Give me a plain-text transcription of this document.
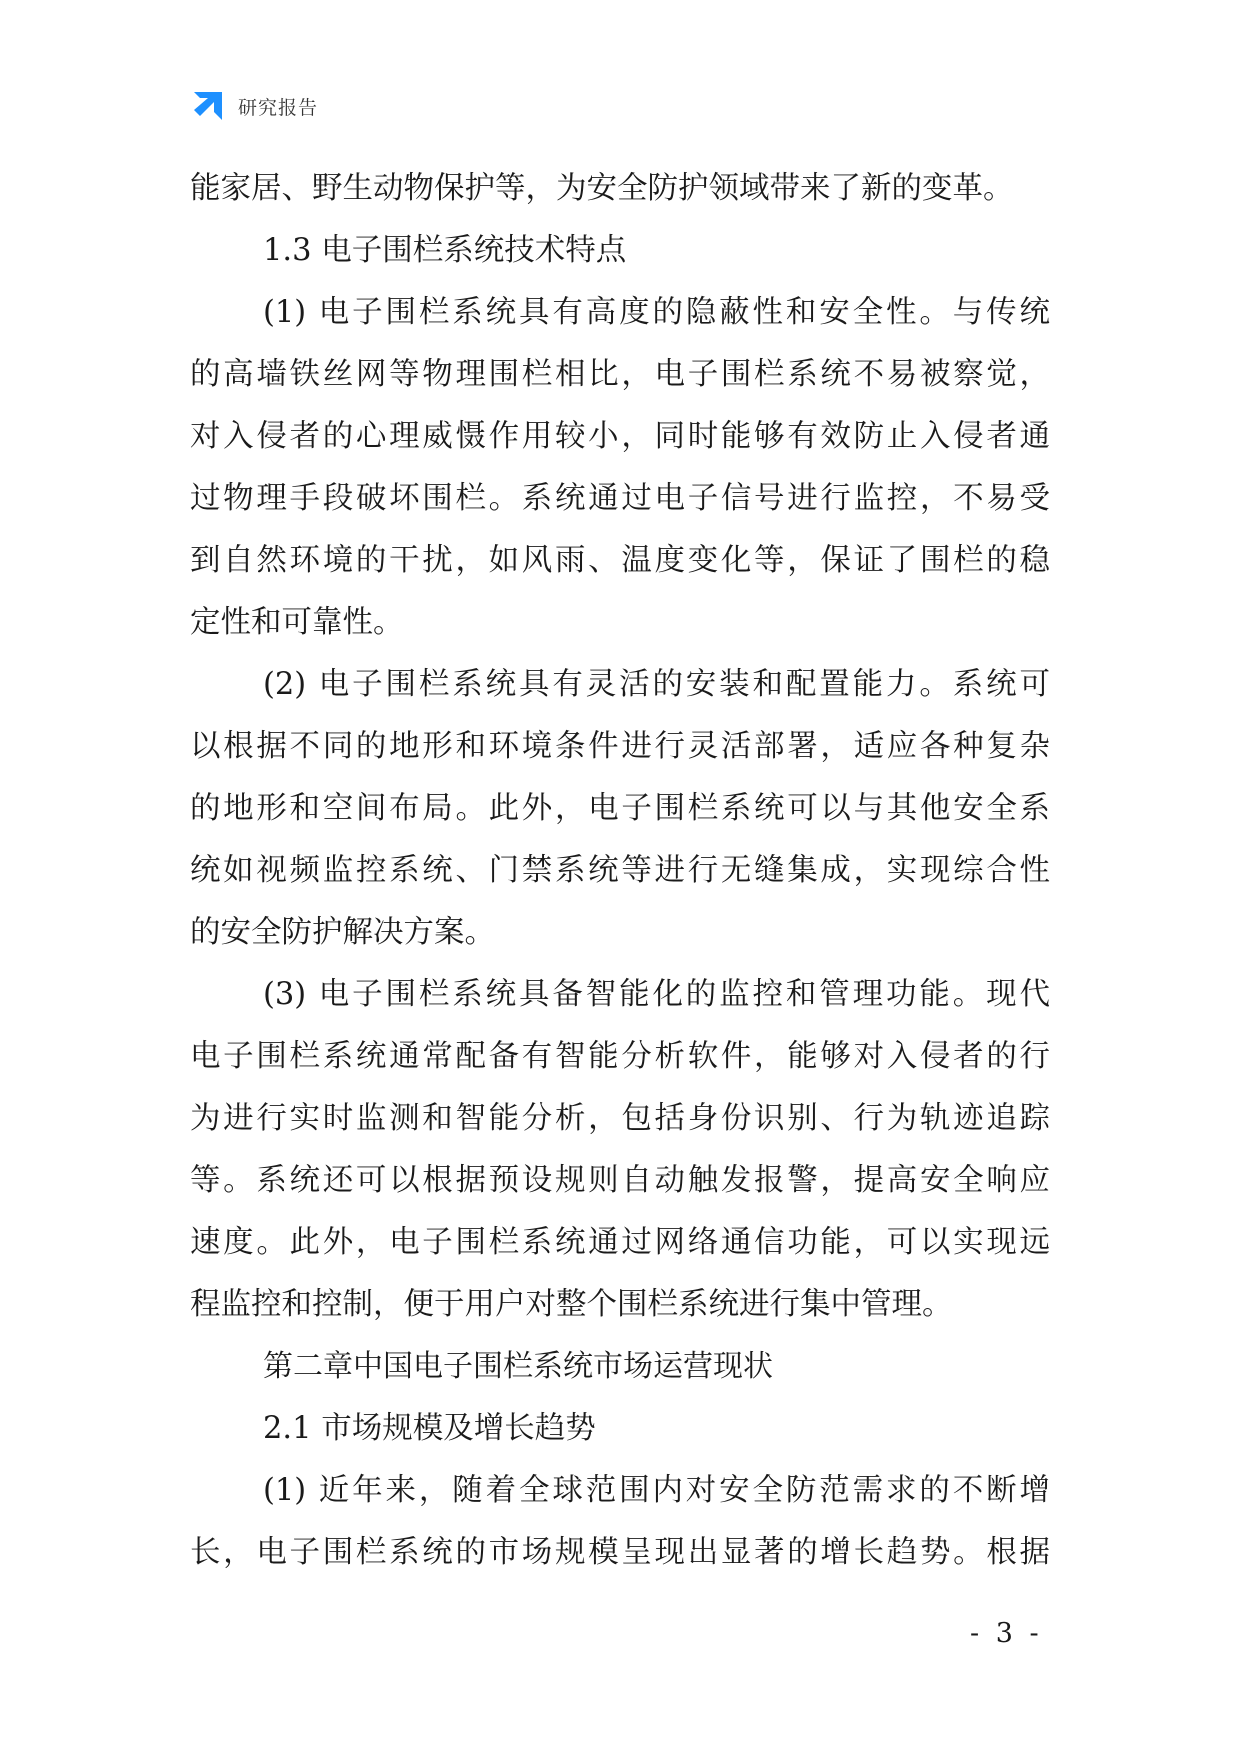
研究报告
能家居、野生动物保护等，为安全防护领域带来了新的变革。
1.3 电子围栏系统技术特点
(1) 电子围栏系统具有高度的隐蔽性和安全性。与传统
的高墙铁丝网等物理围栏相比，电子围栏系统不易被察觉，
对入侵者的心理威慑作用较小，同时能够有效防止入侵者通
过物理手段破坏围栏。系统通过电子信号进行监控，不易受
到自然环境的干扰，如风雨、温度变化等，保证了围栏的稳
定性和可靠性。
(2) 电子围栏系统具有灵活的安装和配置能力。系统可
以根据不同的地形和环境条件进行灵活部署，适应各种复杂
的地形和空间布局。此外，电子围栏系统可以与其他安全系
统如视频监控系统、门禁系统等进行无缝集成，实现综合性
的安全防护解决方案。
(3) 电子围栏系统具备智能化的监控和管理功能。现代
电子围栏系统通常配备有智能分析软件，能够对入侵者的行
为进行实时监测和智能分析，包括身份识别、行为轨迹追踪
等。系统还可以根据预设规则自动触发报警，提高安全响应
速度。此外，电子围栏系统通过网络通信功能，可以实现远
程监控和控制，便于用户对整个围栏系统进行集中管理。
第二章中国电子围栏系统市场运营现状
2.1 市场规模及增长趋势
(1) 近年来，随着全球范围内对安全防范需求的不断增
长，电子围栏系统的市场规模呈现出显著的增长趋势。根据
- 3 -
